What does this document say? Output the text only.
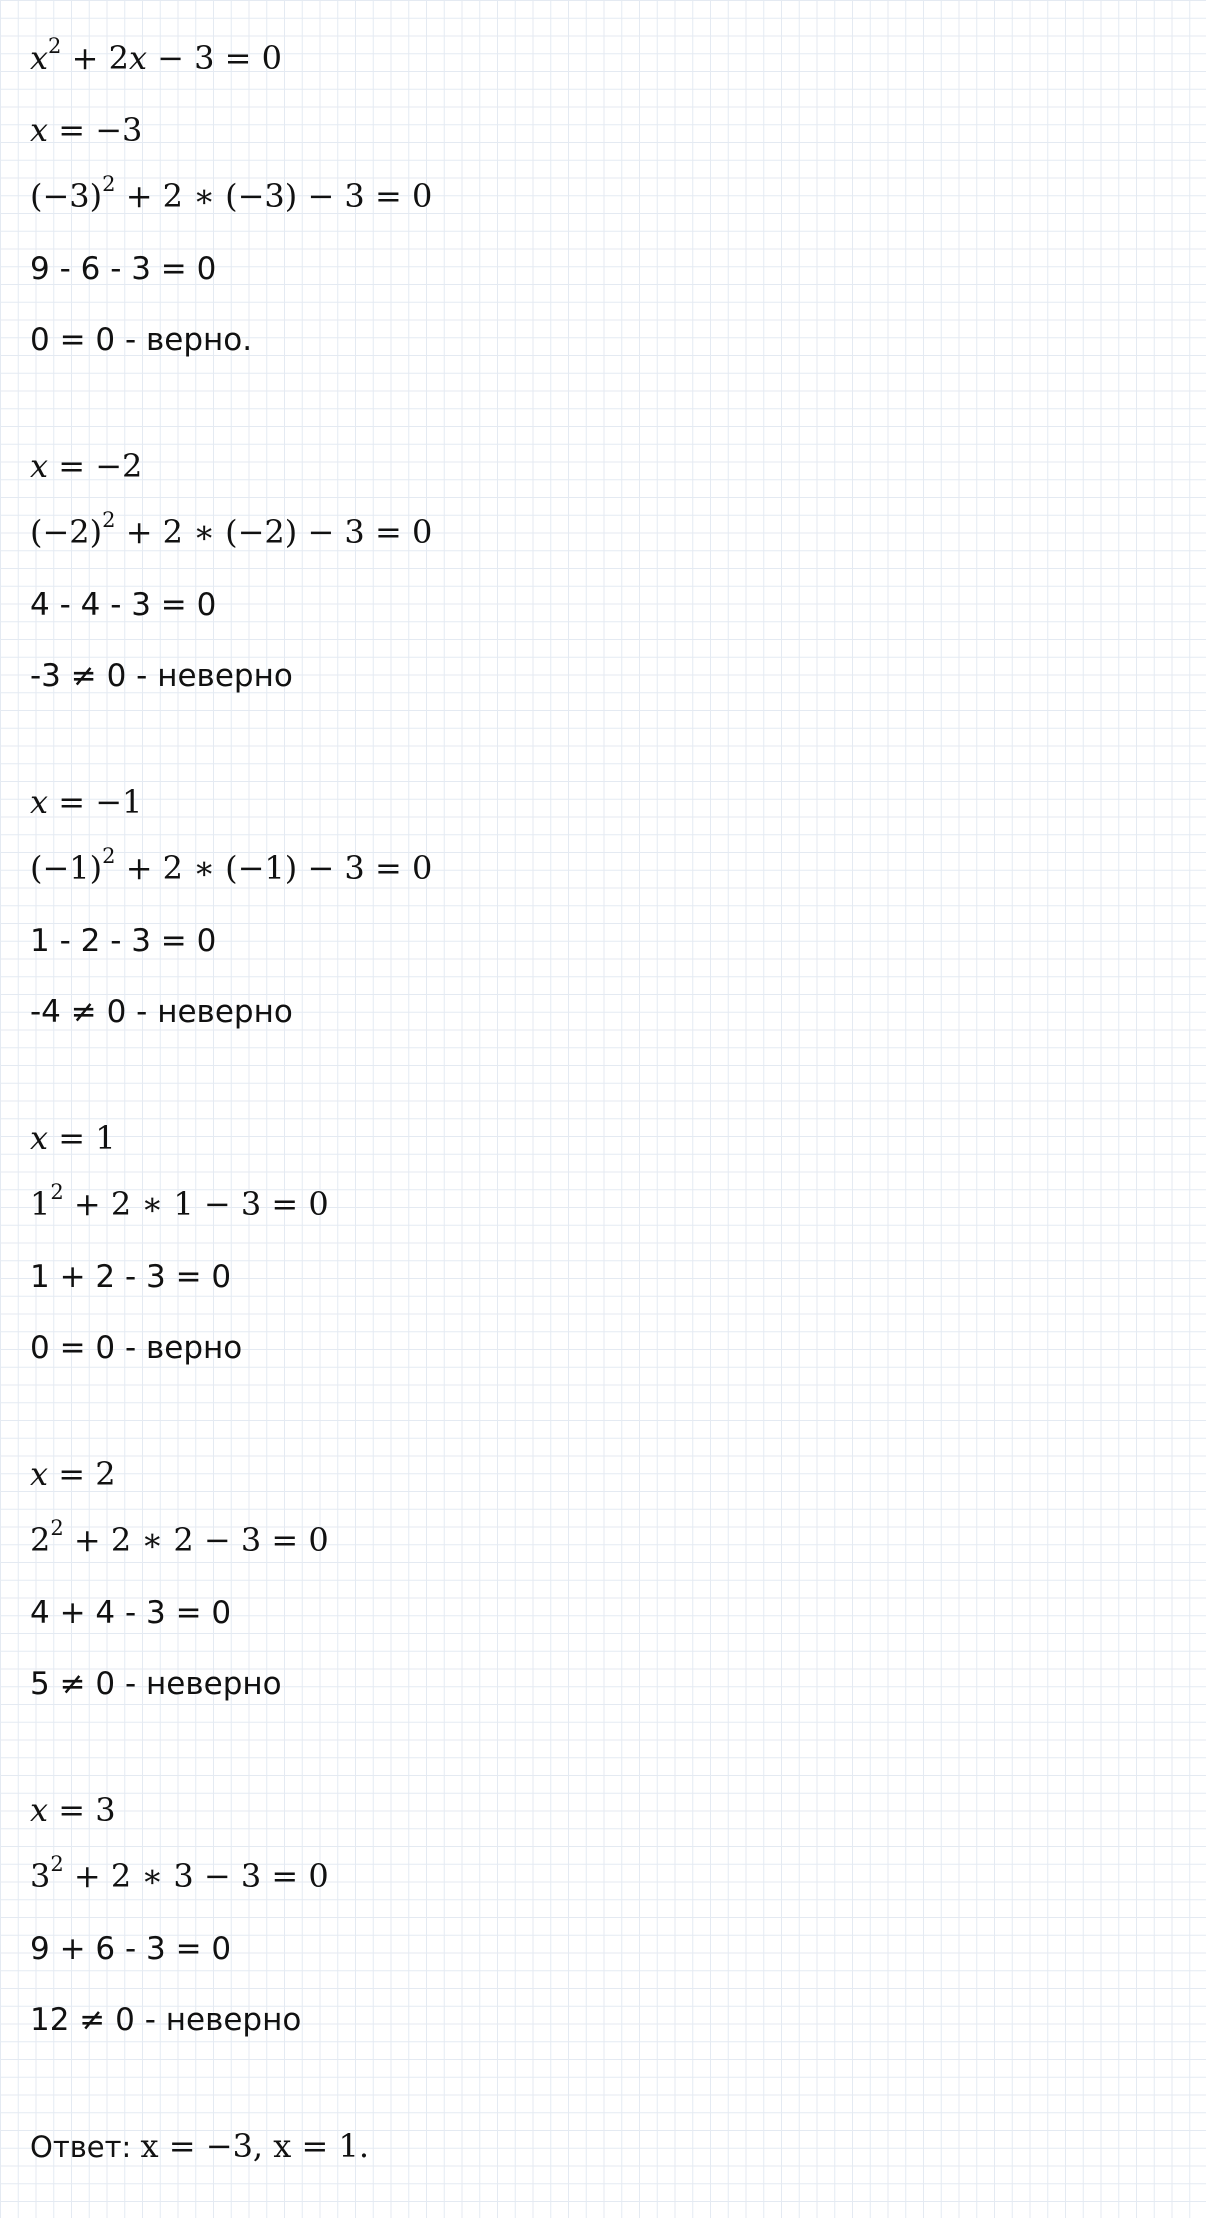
$x^2 + 2x - 3 = 0$
x = −3
$(-3)^2 + 2$ ∗ (−3) − 3 = 0
9 - 6 - 3 = 0
0 = 0 - верно.
x = −2
$(-2)^2 + 2$ ∗ (−2) − 3 = 0
4 - 4 - 3 = 0
-3 ≠ 0 - неверно
x = −1
$(-1)^2 + 2$ ∗ (−1) − 3 = 0
1 - 2 - 3 = 0
-4 ≠ 0 - неверно
x = 1
$1^2 + 2$ ∗ 1 − 3 = 0
1 + 2 - 3 = 0
0 = 0 - верно
x = 2
$2^2 + 2$ ∗ 2 − 3 = 0
4 + 4 - 3 = 0
5 ≠ 0 - неверно
x = 3
$3^2 + 2$ ∗ 3 − 3 = 0
9 + 6 - 3 = 0
12 ≠ 0 - неверно
Ответ: x = −3, x = 1.
